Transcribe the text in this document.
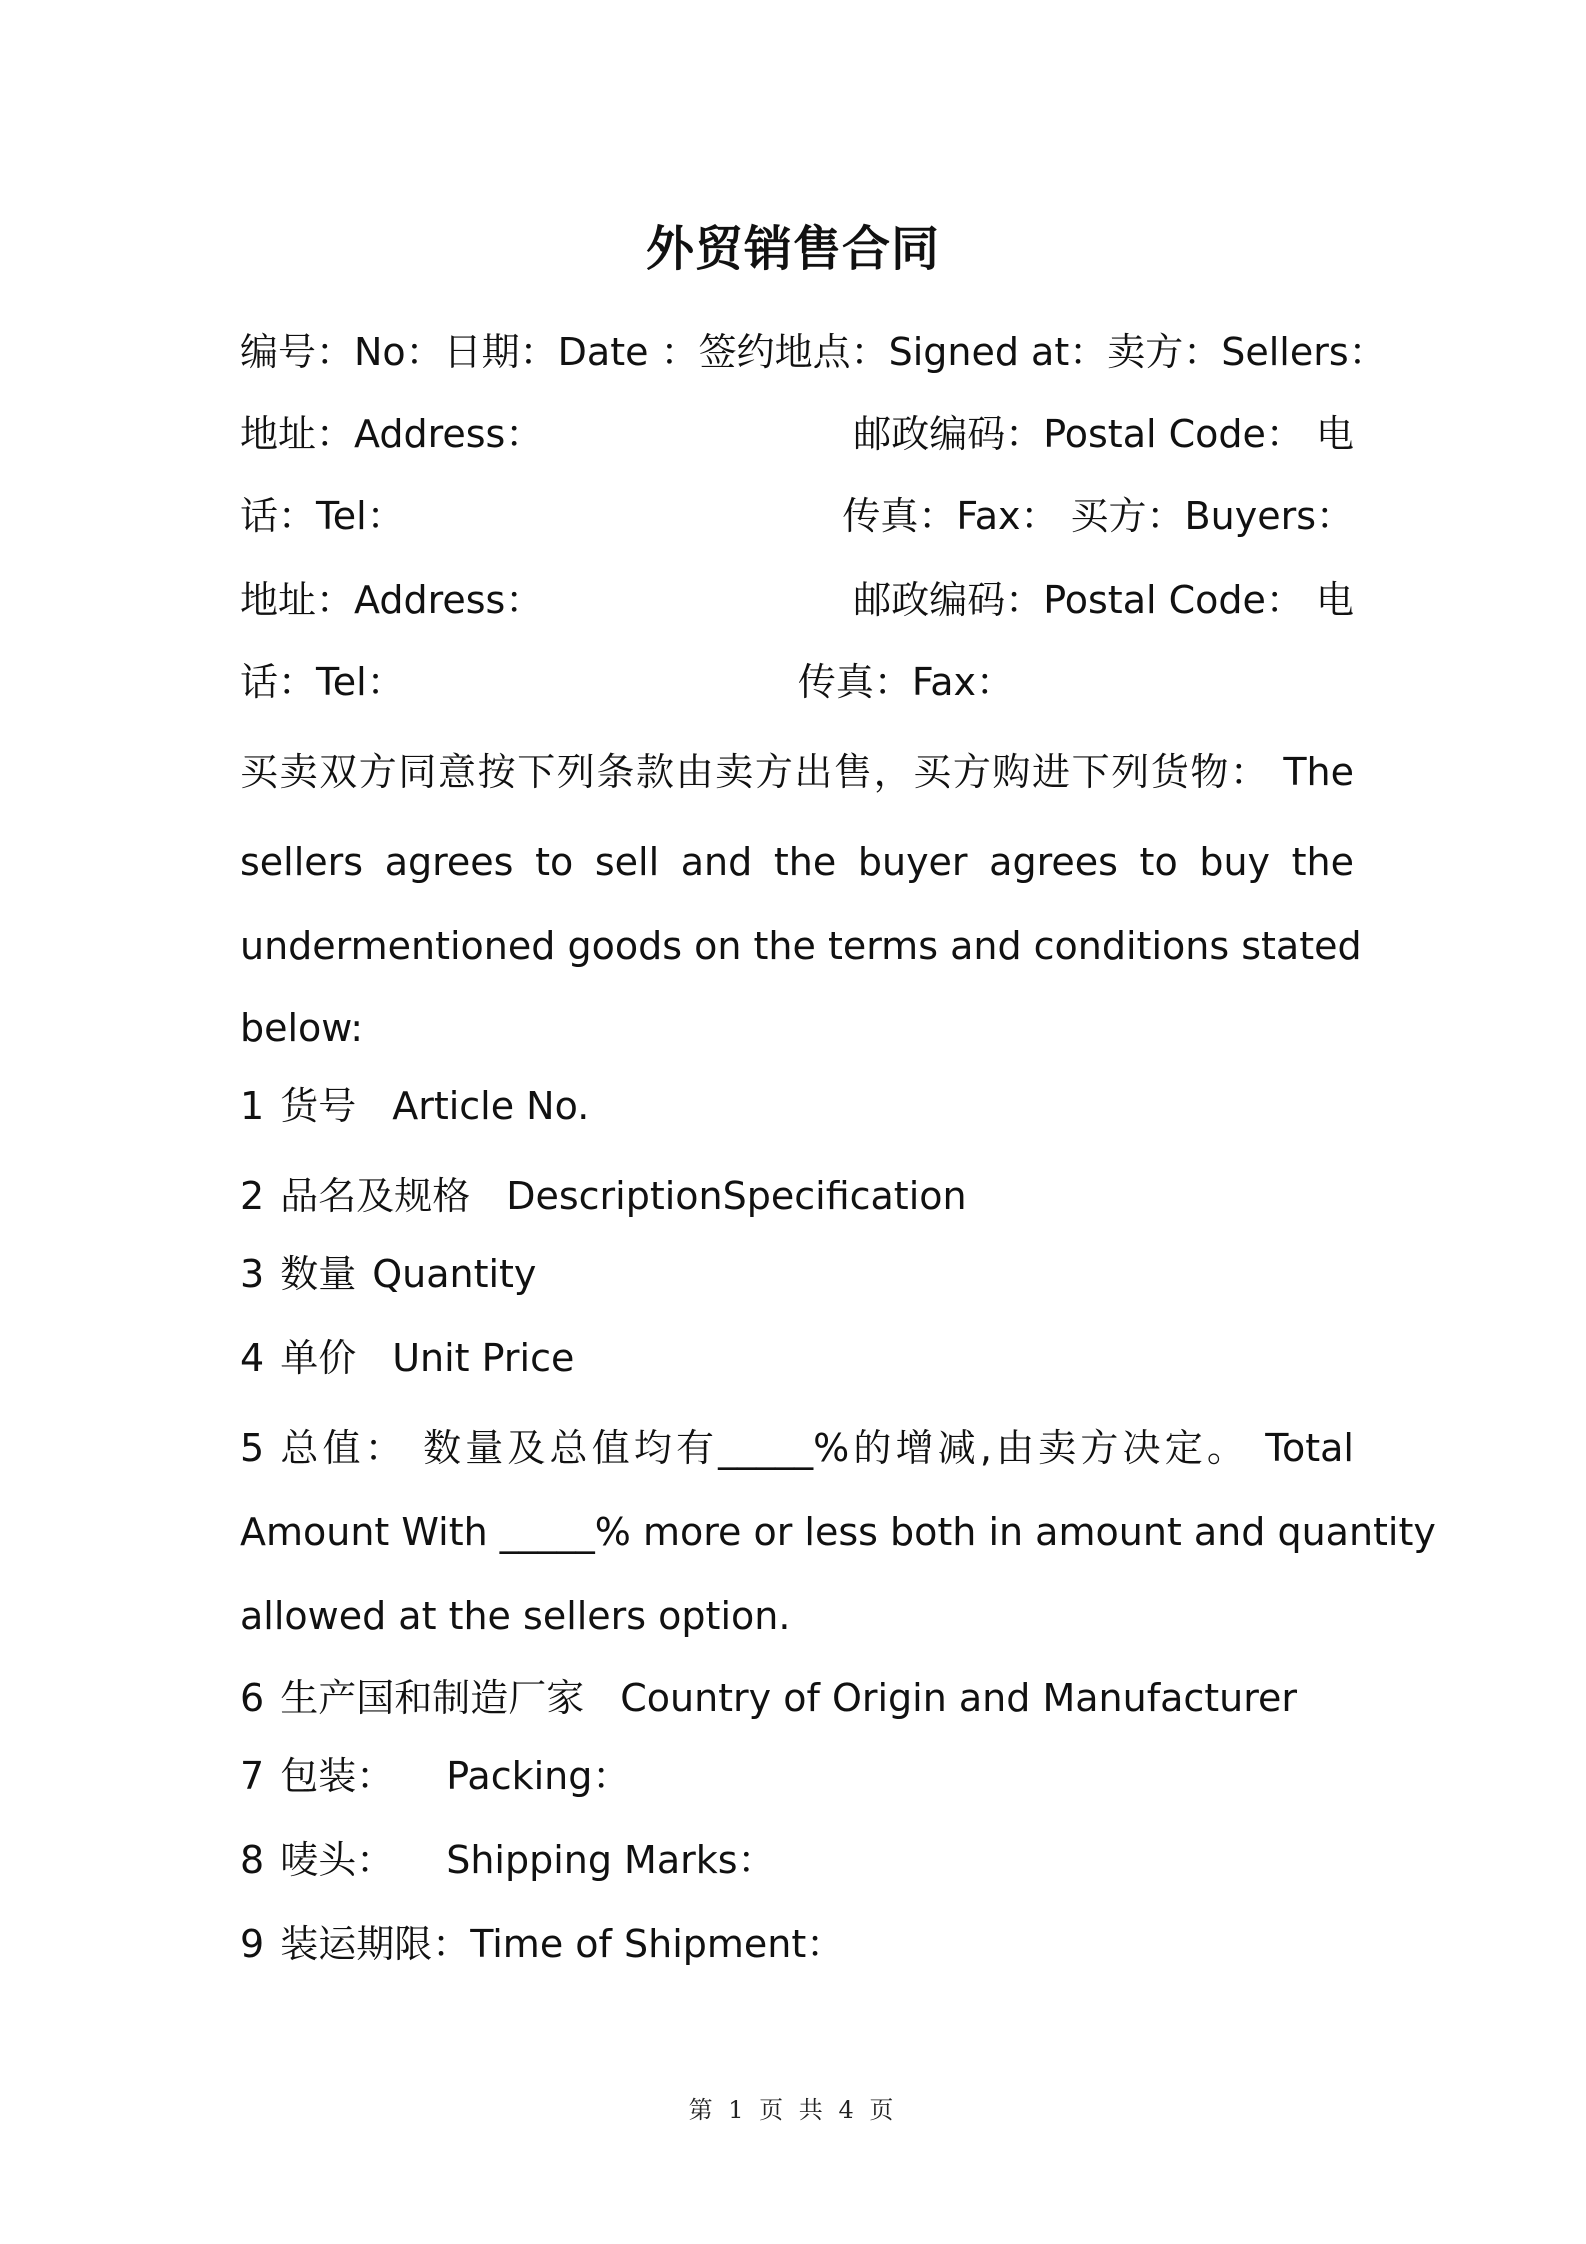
外贸销售合同
编号：No：日期：Date ：签约地点：Signed at：卖方：Sellers：
地址：Address：	邮政编码：Postal Code： 电
话：Tel：	传真：Fax： 买方：Buyers：
地址：Address：	邮政编码：Postal Code： 电
话：Tel：	传真：Fax：
买卖双方同意按下列条款由卖方出售，买方购进下列货物： The
sellers agrees to sell and the buyer agrees to buy the
undermentioned goods on the terms and conditions stated
below:
1 货号 Article No.
2 品名及规格 DescriptionSpecification
3 数量 Quantity
4 单价 Unit Price
5 总值： 数量及总值均有_____%的增减,由卖方决定。 Total
Amount With _____% more or less both in amount and quantity
allowed at the sellers option.
6 生产国和制造厂家 Country of Origin and Manufacturer
7 包装： Packing：
8 唛头： Shipping Marks：
9 装运期限：Time of Shipment：
第 1 页 共 4 页
